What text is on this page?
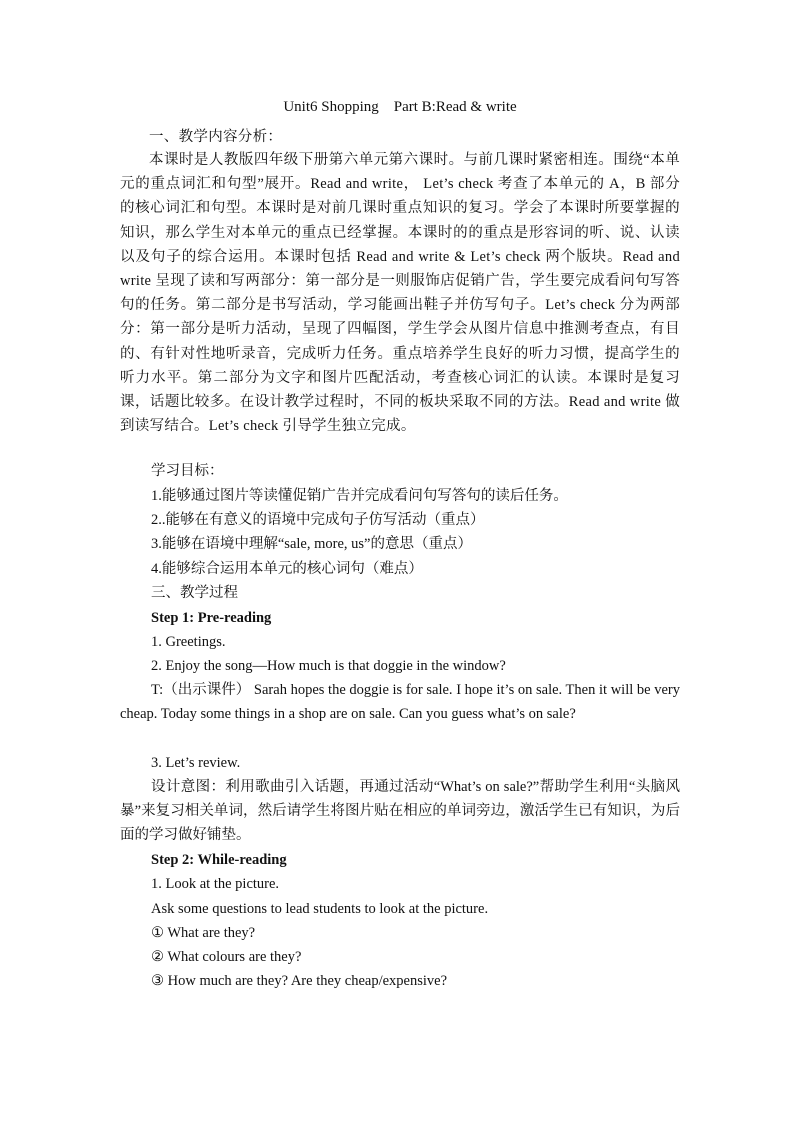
Unit6 Shopping    Part B:Read & write
一、教学内容分析：
本课时是人教版四年级下册第六单元第六课时。与前几课时紧密相连。围绕“本单元的重点词汇和句型”展开。Read and write， Let’s check 考查了本单元的 A，B 部分的核心词汇和句型。本课时是对前几课时重点知识的复习。学会了本课时所要掌握的知识，那么学生对本单元的重点已经掌握。本课时的的重点是形容词的听、说、认读以及句子的综合运用。本课时包括 Read and write & Let’s check 两个版块。Read and write 呈现了读和写两部分：第一部分是一则服饰店促销广告，学生要完成看问句写答句的任务。第二部分是书写活动，学习能画出鞋子并仿写句子。Let’s check 分为两部分：第一部分是听力活动，呈现了四幅图，学生学会从图片信息中推测考查点，有目的、有针对性地听录音，完成听力任务。重点培养学生良好的听力习惯，提高学生的听力水平。第二部分为文字和图片匹配活动，考查核心词汇的认读。本课时是复习课，话题比较多。在设计教学过程时，不同的板块采取不同的方法。Read and write 做到读写结合。Let’s check 引导学生独立完成。
学习目标：
1.能够通过图片等读懂促销广告并完成看问句写答句的读后任务。
2..能够在有意义的语境中完成句子仿写活动（重点）
3.能够在语境中理解“sale, more, us”的意思（重点）
4.能够综合运用本单元的核心词句（难点）
三、教学过程
Step 1: Pre-reading
1. Greetings.
2. Enjoy the song—How much is that doggie in the window?
T:（出示课件） Sarah hopes the doggie is for sale. I hope it’s on sale. Then it will be very cheap. Today some things in a shop are on sale. Can you guess what’s on sale?
3. Let’s review.
设计意图：利用歌曲引入话题，再通过活动“What’s on sale?”帮助学生利用“头脑风暴”来复习相关单词，然后请学生将图片贴在相应的单词旁边，激活学生已有知识，为后面的学习做好铺垫。
Step 2: While-reading
1. Look at the picture.
Ask some questions to lead students to look at the picture.
① What are they?
② What colours are they?
③ How much are they? Are they cheap/expensive?
